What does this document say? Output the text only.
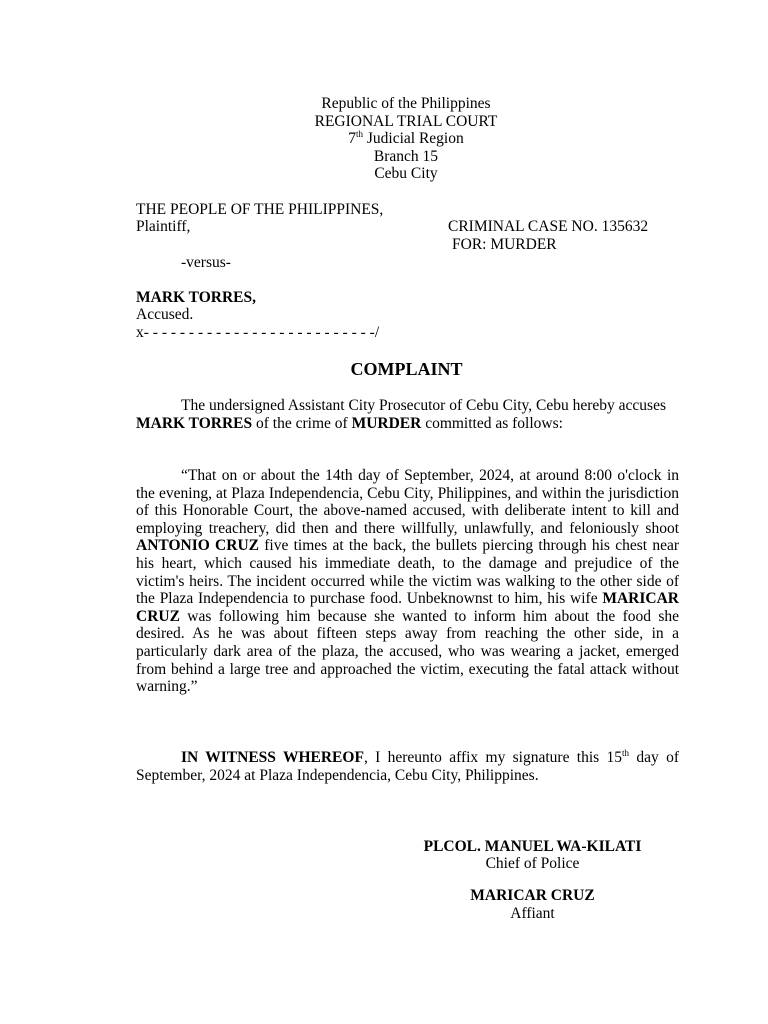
Republic of the Philippines
REGIONAL TRIAL COURT
7th Judicial Region
Branch 15
Cebu City
THE PEOPLE OF THE PHILIPPINES,
Plaintiff,	CRIMINAL CASE NO. 135632
FOR: MURDER
-versus-
MARK TORRES,
Accused.
x- - - - - - - - - - - - - - - - - - - - - - - - - -/
COMPLAINT
The undersigned Assistant City Prosecutor of Cebu City, Cebu hereby accuses MARK TORRES of the crime of MURDER committed as follows:
“That on or about the 14th day of September, 2024, at around 8:00 o'clock in the evening, at Plaza Independencia, Cebu City, Philippines, and within the jurisdiction of this Honorable Court, the above-named accused, with deliberate intent to kill and employing treachery, did then and there willfully, unlawfully, and feloniously shoot ANTONIO CRUZ five times at the back, the bullets piercing through his chest near his heart, which caused his immediate death, to the damage and prejudice of the victim's heirs. The incident occurred while the victim was walking to the other side of the Plaza Independencia to purchase food. Unbeknownst to him, his wife MARICAR CRUZ was following him because she wanted to inform him about the food she desired. As he was about fifteen steps away from reaching the other side, in a particularly dark area of the plaza, the accused, who was wearing a jacket, emerged from behind a large tree and approached the victim, executing the fatal attack without warning.”
IN WITNESS WHEREOF, I hereunto affix my signature this 15th day of September, 2024 at Plaza Independencia, Cebu City, Philippines.
PLCOL. MANUEL WA-KILATI
Chief of Police
MARICAR CRUZ
Affiant
